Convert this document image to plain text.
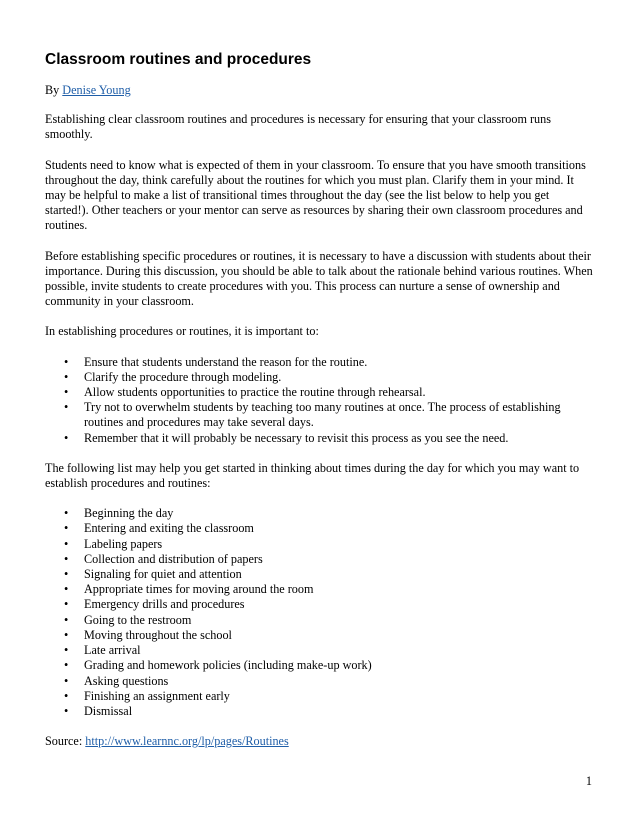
Classroom routines and procedures

By Denise Young

Establishing clear classroom routines and procedures is necessary for ensuring that your classroom runs smoothly.

Students need to know what is expected of them in your classroom. To ensure that you have smooth transitions throughout the day, think carefully about the routines for which you must plan. Clarify them in your mind. It may be helpful to make a list of transitional times throughout the day (see the list below to help you get started!). Other teachers or your mentor can serve as resources by sharing their own classroom procedures and routines.

Before establishing specific procedures or routines, it is necessary to have a discussion with students about their importance. During this discussion, you should be able to talk about the rationale behind various routines. When possible, invite students to create procedures with you. This process can nurture a sense of ownership and community in your classroom.

In establishing procedures or routines, it is important to:

• Ensure that students understand the reason for the routine.
• Clarify the procedure through modeling.
• Allow students opportunities to practice the routine through rehearsal.
• Try not to overwhelm students by teaching too many routines at once. The process of establishing routines and procedures may take several days.
• Remember that it will probably be necessary to revisit this process as you see the need.

The following list may help you get started in thinking about times during the day for which you may want to establish procedures and routines:

• Beginning the day
• Entering and exiting the classroom
• Labeling papers
• Collection and distribution of papers
• Signaling for quiet and attention
• Appropriate times for moving around the room
• Emergency drills and procedures
• Going to the restroom
• Moving throughout the school
• Late arrival
• Grading and homework policies (including make-up work)
• Asking questions
• Finishing an assignment early
• Dismissal

Source: http://www.learnnc.org/lp/pages/Routines

1
